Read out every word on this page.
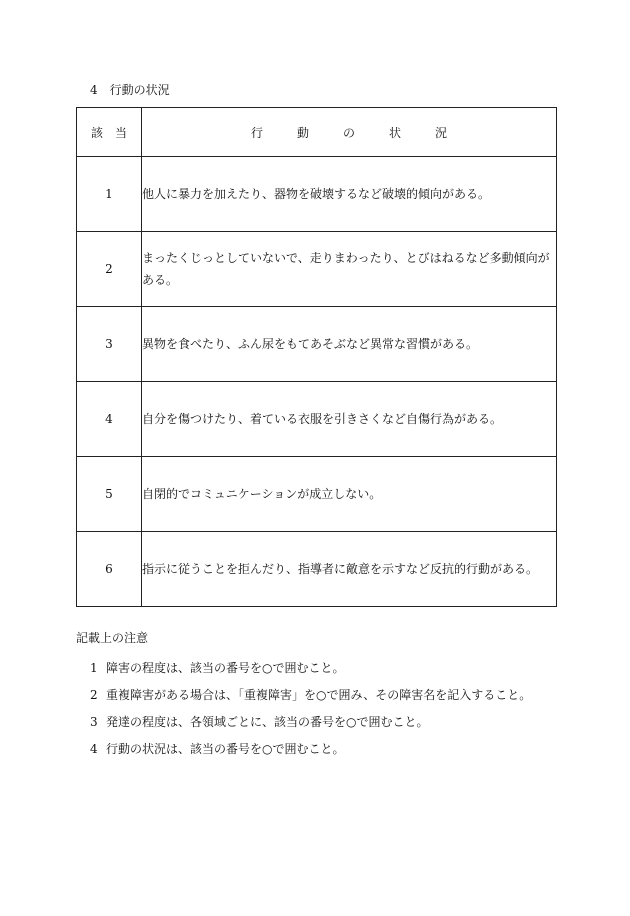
4　行動の状況
該当	行動の状況
1	他人に暴力を加えたり、器物を破壊するなど破壊的傾向がある。
2	まったくじっとしていないで、走りまわったり、とびはねるなど多動傾向がある。
3	異物を食べたり、ふん尿をもてあそぶなど異常な習慣がある。
4	自分を傷つけたり、着ている衣服を引きさくなど自傷行為がある。
5	自閉的でコミュニケーションが成立しない。
6	指示に従うことを拒んだり、指導者に敵意を示すなど反抗的行動がある。
記載上の注意
1 障害の程度は、該当の番号を○で囲むこと。
2 重複障害がある場合は、「重複障害」を○で囲み、その障害名を記入すること。
3 発達の程度は、各領域ごとに、該当の番号を○で囲むこと。
4 行動の状況は、該当の番号を○で囲むこと。
